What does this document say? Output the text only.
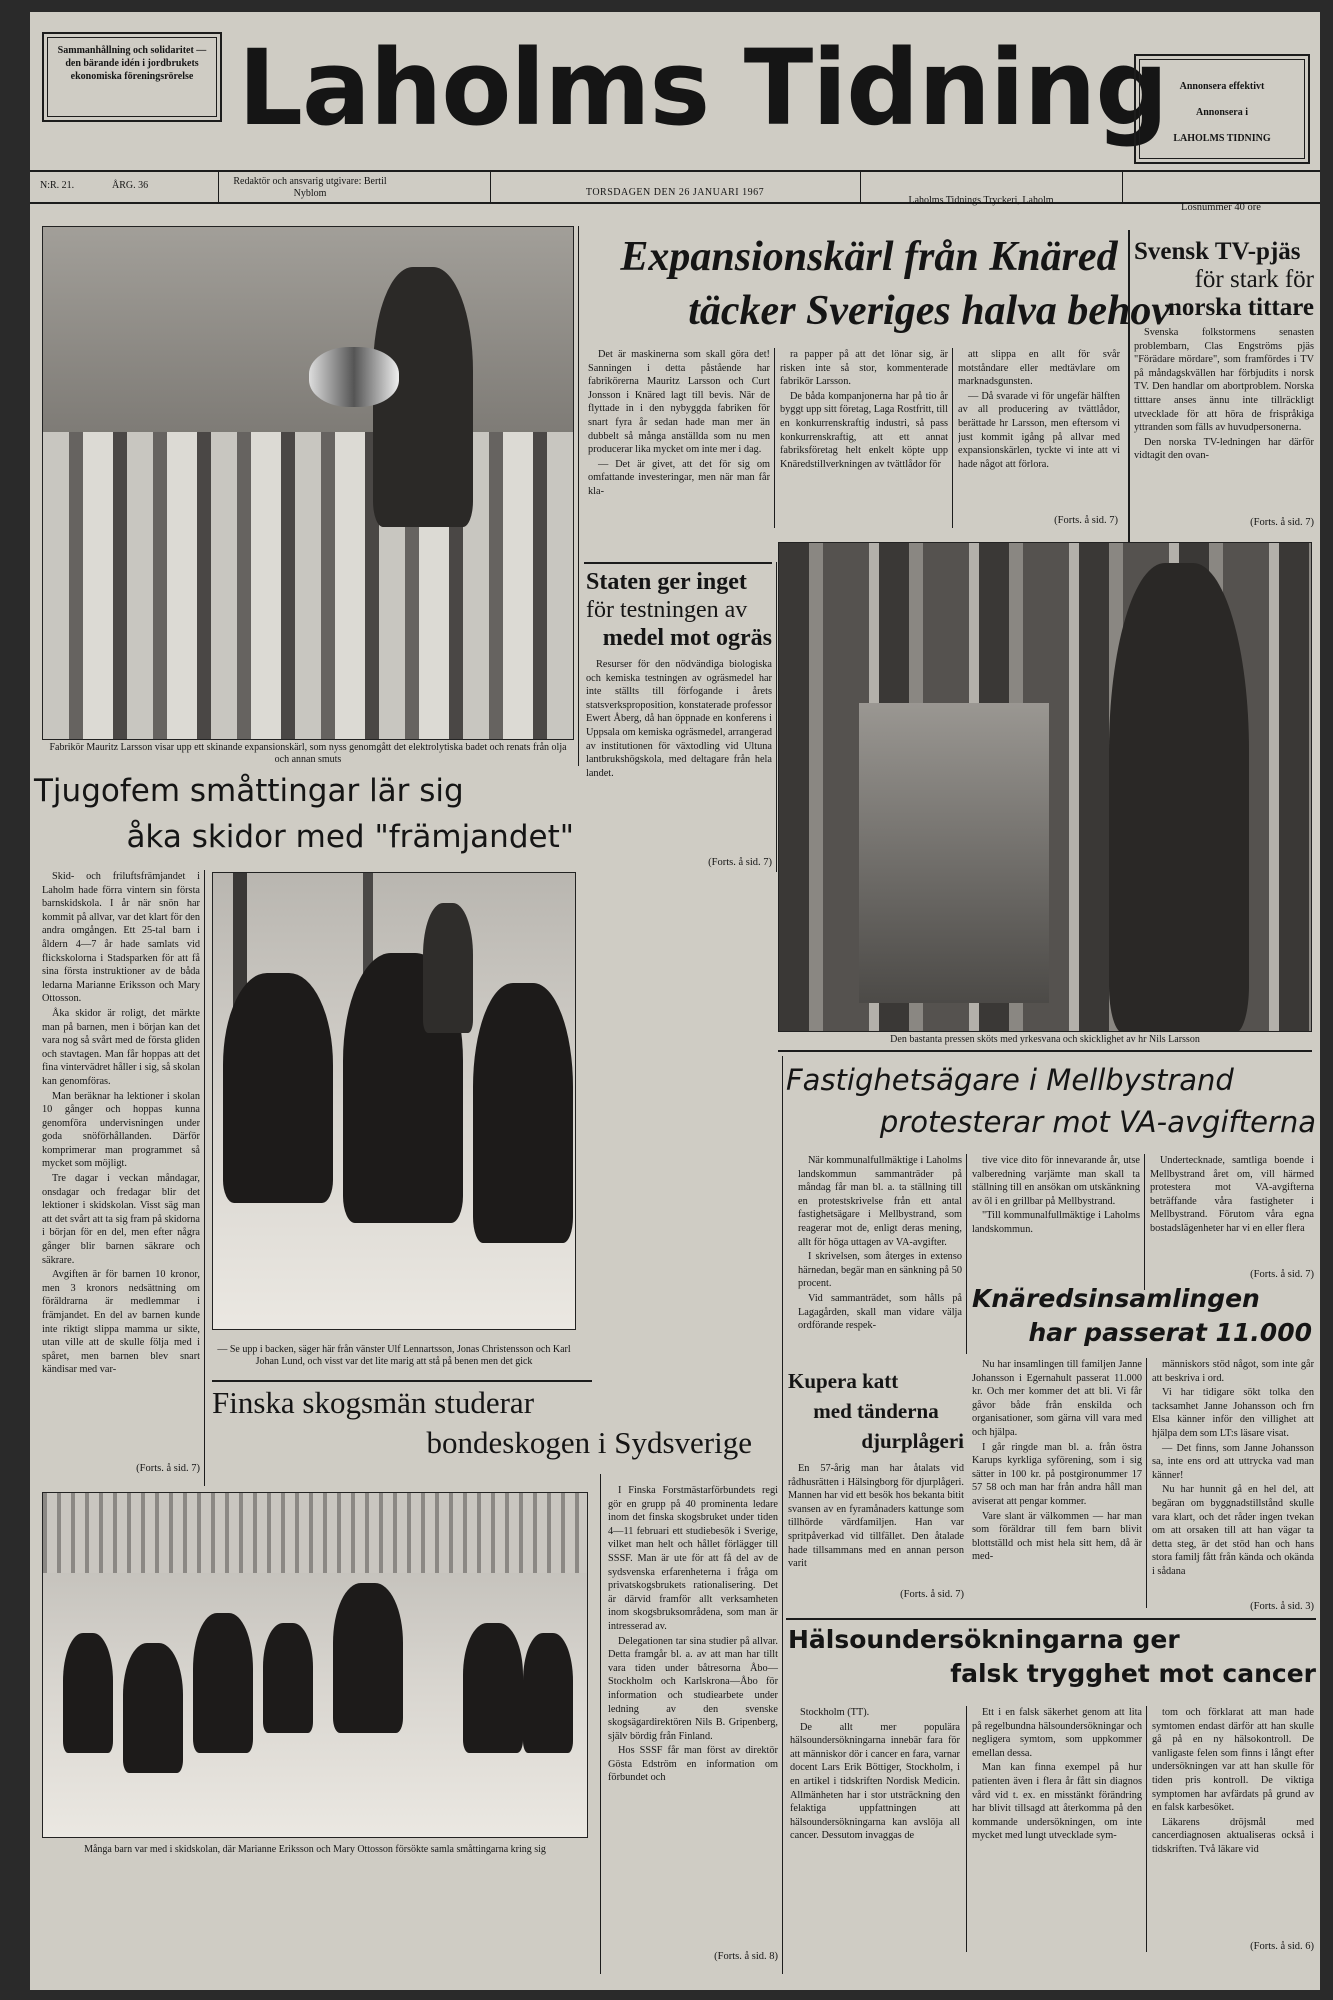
Sammanhållning och solidaritet — den bärande idén i jordbrukets ekonomiska föreningsrörelse Laholms Tidning	Annonsera effektivt
Annonsera i
LAHOLMS TIDNING
N:R. 21.	ÅRG. 36	Redaktör och ansvarig utgivare: Bertil Nyblom	TORSDAGEN DEN 26 JANUARI 1967
Laholms Tidnings Tryckeri, Laholm
Lösnummer 40 öre
Fabrikör Mauritz Larsson visar upp ett skinande expansionskärl, som nyss genomgått det elektrolytiska badet och renats från olja och annan smuts
Expansionskärl från Knäred
täcker Sveriges halva behov

Det är maskinerna som skall göra det! Sanningen i detta påstående har fabrikörerna Mauritz Larsson och Curt Jonsson i Knäred lagt till bevis. När de flyttade in i den nybyggda fabriken för snart fyra år sedan hade man mer än dubbelt så många anställda som nu men producerar lika mycket om inte mer i dag.

— Det är givet, att det för sig om omfattande investeringar, men när man får kla-

ra papper på att det lönar sig, är risken inte så stor, kommenterade fabrikör Larsson.

De båda kompanjonerna har på tio år byggt upp sitt företag, Laga Rostfritt, till en konkurrenskraftig industri, så pass konkurrenskraftig, att ett annat fabriksföretag helt enkelt köpte upp Knäredstillverkningen av tvättlådor för

att slippa en allt för svår motståndare eller medtävlare om marknadsgunsten.

— Då svarade vi för ungefär hälften av all producering av tvättlådor, berättade hr Larsson, men eftersom vi just kommit igång på allvar med expansionskärlen, tyckte vi inte att vi hade något att förlora.

(Forts. å sid. 7)
Svensk TV-pjäs
för stark för
norska tittare

Svenska folkstormens senasten problembarn, Clas Engströms pjäs "Förädare mördare", som framfördes i TV på måndagskvällen har förbjudits i norsk TV. Den handlar om abortproblem. Norska titttare anses ännu inte tillräckligt utvecklade för att höra de frispråkiga yttranden som fälls av huvudpersonerna.

Den norska TV-ledningen har därför vidtagit den ovan-

(Forts. å sid. 7)
Staten ger inget
för testningen av
medel mot ogräs

Resurser för den nödvändiga biologiska och kemiska testningen av ogräsmedel har inte ställts till förfogande i årets statsverksproposition, konstaterade professor Ewert Åberg, då han öppnade en konferens i Uppsala om kemiska ogräsmedel, arrangerad av institutionen för växtodling vid Ultuna lantbrukshögskola, med deltagare från hela landet.

(Forts. å sid. 7)
Den bastanta pressen sköts med yrkesvana och skicklighet av hr Nils Larsson
Tjugofem småttingar lär sig
åka skidor med "främjandet"

Skid- och friluftsfrämjandet i Laholm hade förra vintern sin första barnskidskola. I år när snön har kommit på allvar, var det klart för den andra omgången. Ett 25-tal barn i åldern 4—7 år hade samlats vid flickskolorna i Stadsparken för att få sina första instruktioner av de båda ledarna Marianne Eriksson och Mary Ottosson.

Åka skidor är roligt, det märkte man på barnen, men i början kan det vara nog så svårt med de första gliden och stavtagen. Man får hoppas att det fina vintervädret håller i sig, så skolan kan genomföras.

Man beräknar ha lektioner i skolan 10 gånger och hoppas kunna genomföra undervisningen under goda snöförhållanden. Därför komprimerar man programmet så mycket som möjligt.

Tre dagar i veckan måndagar, onsdagar och fredagar blir det lektioner i skidskolan. Visst säg man att det svårt att ta sig fram på skidorna i början för en del, men efter några gånger blir barnen säkrare och säkrare.

Avgiften är för barnen 10 kronor, men 3 kronors nedsättning om föräldrarna är medlemmar i främjandet. En del av barnen kunde inte riktigt slippa mamma ur sikte, utan ville att de skulle följa med i spåret, men barnen blev snart kändisar med var-

(Forts. å sid. 7)
— Se upp i backen, säger här från vänster Ulf Lennartsson, Jonas Christensson och Karl Johan Lund, och visst var det lite marig att stå på benen men det gick
Finska skogsmän studerar
bondeskogen i Sydsverige

I Finska Forstmästarförbundets regi gör en grupp på 40 prominenta ledare inom det finska skogsbruket under tiden 4—11 februari ett studiebesök i Sverige, vilket man helt och hållet förlägger till SSSF. Man är ute för att få del av de sydsvenska erfarenheterna i fråga om privatskogsbrukets rationalisering. Det är därvid framför allt verksamheten inom skogsbruksområdena, som man är intresserad av.

Delegationen tar sina studier på allvar. Detta framgår bl. a. av att man har tillt vara tiden under båtresorna Åbo—Stockholm och Karlskrona—Åbo för information och studiearbete under ledning av den svenske skogsägardirektören Nils B. Gripenberg, själv bördig från Finland.

Hos SSSF får man först av direktör Gösta Edström en information om förbundet och

(Forts. å sid. 8)
Många barn var med i skidskolan, där Marianne Eriksson och Mary Ottosson försökte samla småttingarna kring sig
Fastighetsägare i Mellbystrand
protesterar mot VA-avgifterna

När kommunalfullmäktige i Laholms landskommun sammanträder på måndag får man bl. a. ta ställning till en protestskrivelse från ett antal fastighetsägare i Mellbystrand, som reagerar mot de, enligt deras mening, allt för höga uttagen av VA-avgifter.

I skrivelsen, som återges in extenso härnedan, begär man en sänkning på 50 procent.

Vid sammanträdet, som hålls på Lagagården, skall man vidare välja ordförande respek-

tive vice dito för innevarande år, utse valberedning varjämte man skall ta ställning till en ansökan om utskänkning av öl i en grillbar på Mellbystrand.

"Till kommunalfullmäktige i Laholms landskommun.

Undertecknade, samtliga boende i Mellbystrand året om, vill härmed protestera mot VA-avgifterna beträffande våra fastigheter i Mellbystrand. Förutom våra egna bostadslägenheter har vi en eller flera

(Forts. å sid. 7)
Knäredsinsamlingen
har passerat 11.000

Nu har insamlingen till familjen Janne Johansson i Egernahult passerat 11.000 kr. Och mer kommer det att bli. Vi får gåvor både från enskilda och organisationer, som gärna vill vara med och hjälpa.

I går ringde man bl. a. från östra Karups kyrkliga syförening, som i sig sätter in 100 kr. på postgironummer 17 57 58 och man har från andra håll man aviserat att pengar kommer.

Vare slant är välkommen — har man som föräldrar till fem barn blivit blottställd och mist hela sitt hem, då är med-

människors stöd något, som inte går att beskriva i ord.

Vi har tidigare sökt tolka den tacksamhet Janne Johansson och frn Elsa känner inför den villighet att hjälpa dem som LT:s läsare visat.

— Det finns, som Janne Johansson sa, inte ens ord att uttrycka vad man känner!

Nu har hunnit gå en hel del, att begäran om byggnadstillstånd skulle vara klart, och det råder ingen tvekan om att orsaken till att han vägar ta detta steg, är det stöd han och hans stora familj fått från kända och okända i sådana

(Forts. å sid. 3)
Kupera katt
med tänderna
djurplågeri

En 57-årig man har åtalats vid rådhusrätten i Hälsingborg för djurplågeri. Mannen har vid ett besök hos bekanta bitit svansen av en fyramånaders kattunge som tillhörde värdfamiljen. Han var spritpåverkad vid tillfället. Den åtalade hade tillsammans med en annan person varit

(Forts. å sid. 7)
Hälsoundersökningarna ger
falsk trygghet mot cancer

Stockholm (TT).

De allt mer populära hälsoundersökningarna innebär fara för att människor dör i cancer en fara, varnar docent Lars Erik Böttiger, Stockholm, i en artikel i tidskriften Nordisk Medicin. Allmänheten har i stor utsträckning den felaktiga uppfattningen att hälsoundersökningarna kan avslöja all cancer. Dessutom invaggas de

Ett i en falsk säkerhet genom att lita på regelbundna hälsoundersökningar och negligera symtom, som uppkommer emellan dessa.

Man kan finna exempel på hur patienten även i flera år fått sin diagnos vård vid t. ex. en misstänkt förändring har blivit tillsagd att återkomma på den kommande undersökningen, om inte mycket med lungt utvecklade sym-

tom och förklarat att man hade symtomen endast därför att han skulle gå på en ny hälsokontroll. De vanligaste felen som finns i långt efter undersökningen var att han skulle för tiden pris kontroll. De viktiga symptomen har avfärdats på grund av en falsk karbesöket.

Läkarens dröjsmål med cancerdiagnosen aktualiseras också i tidskriften. Två läkare vid

(Forts. å sid. 6)
